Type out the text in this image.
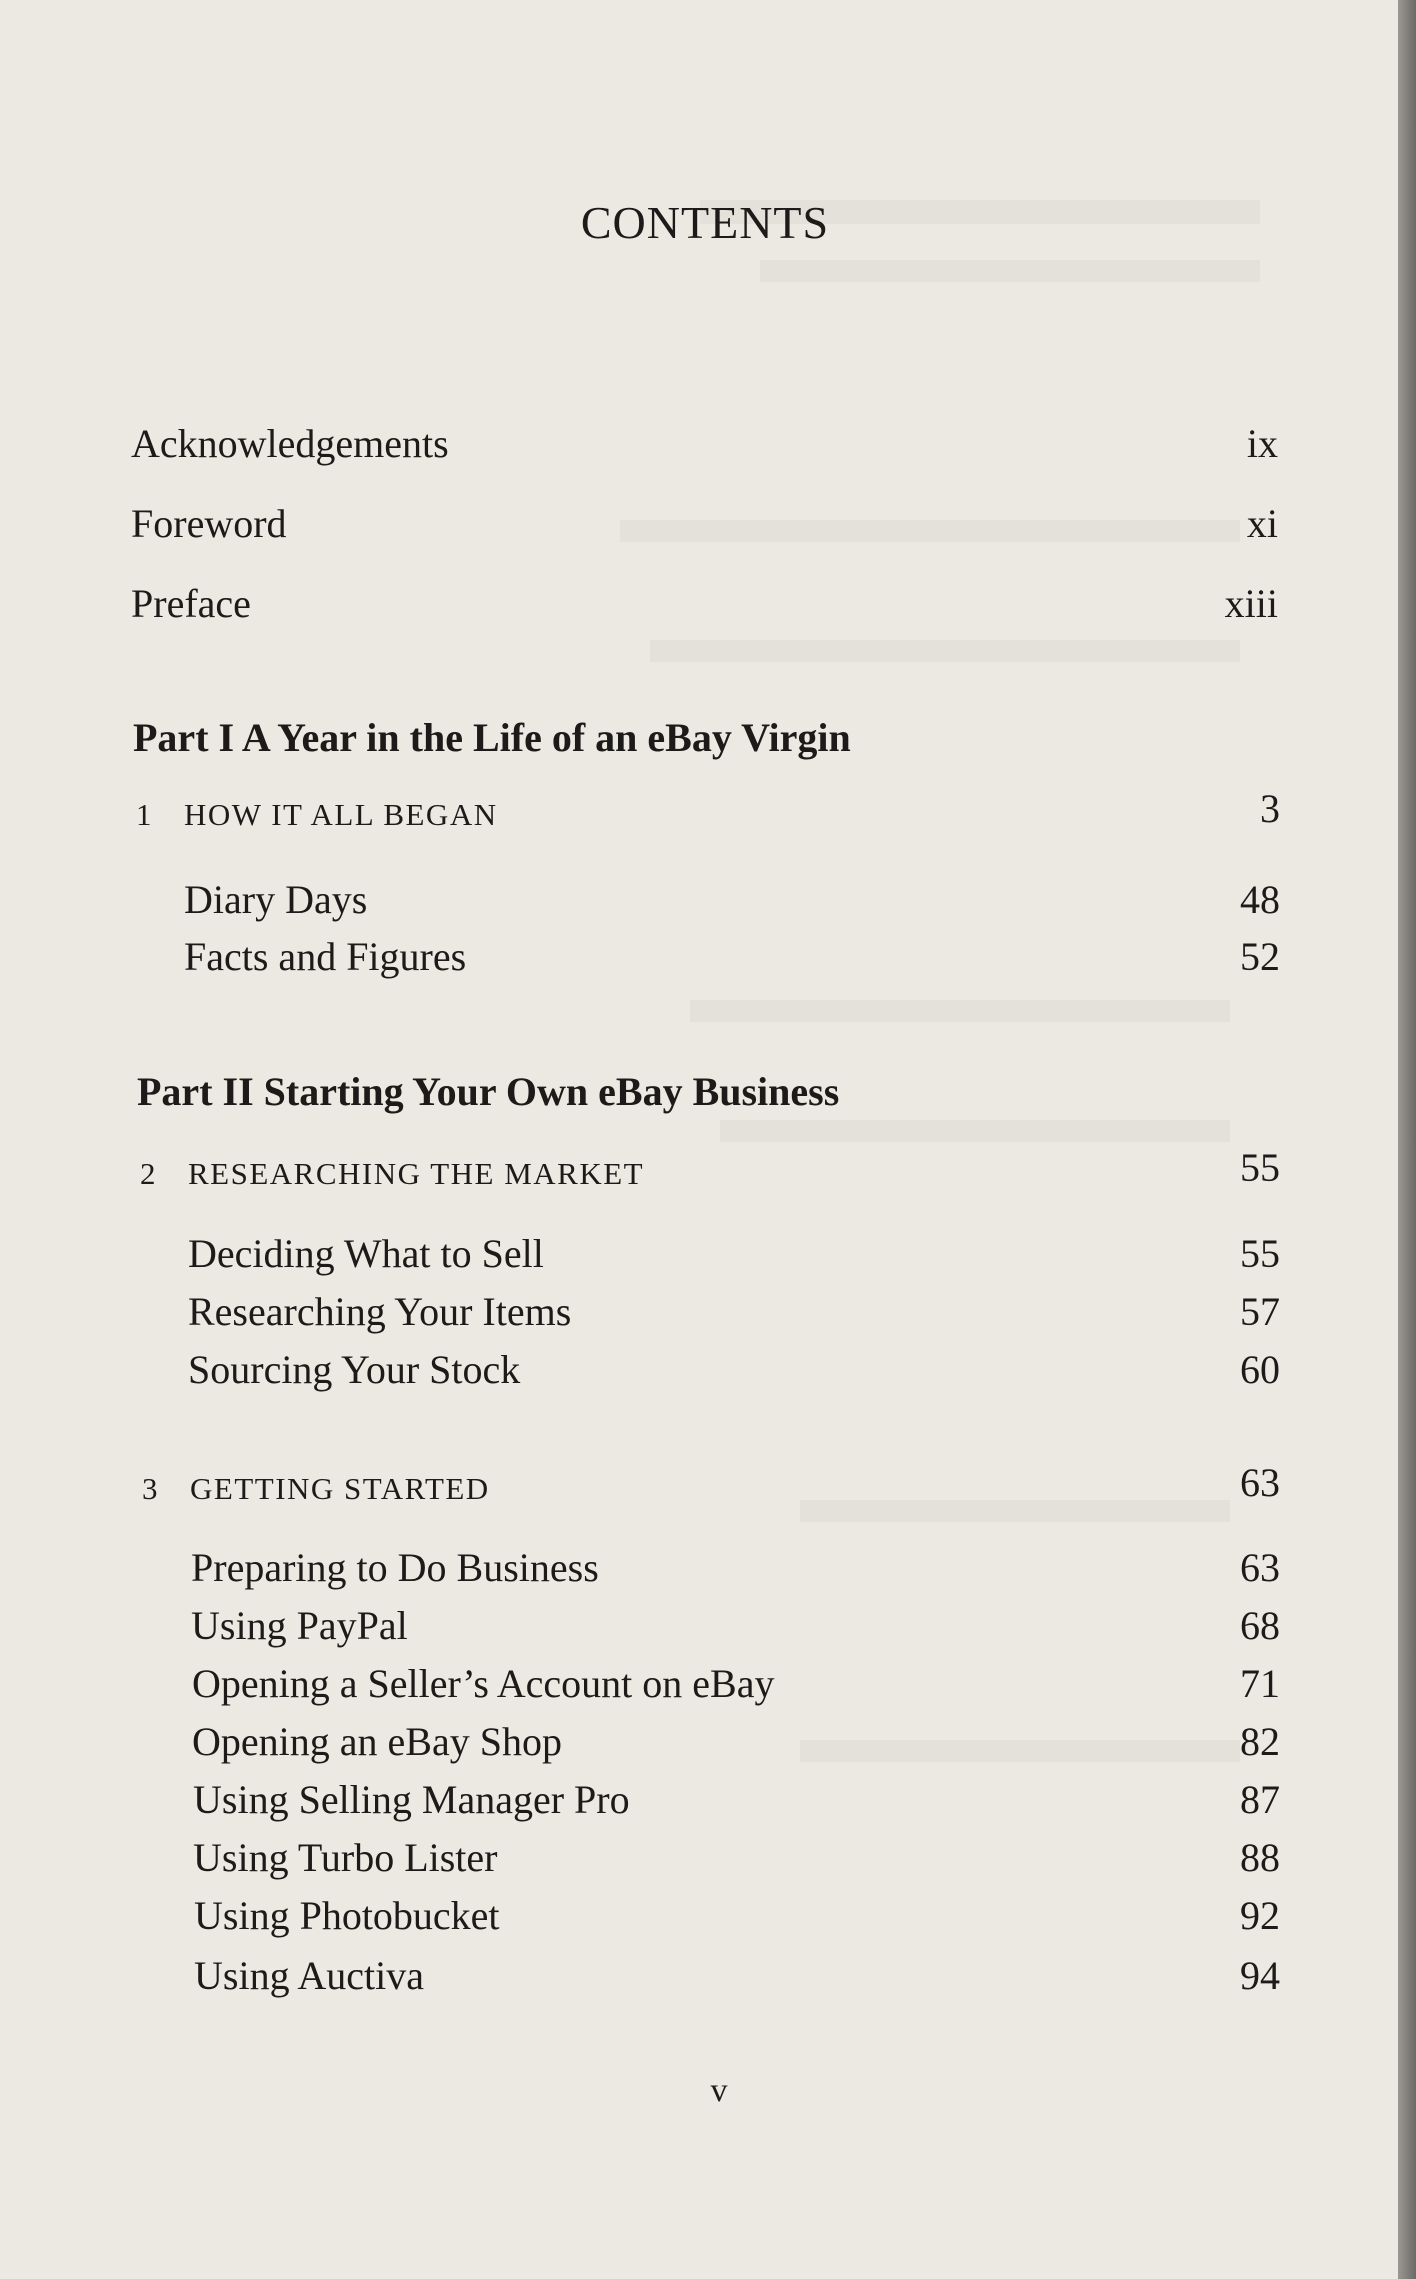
CONTENTS
Acknowledgements	ix
Foreword	xi
Preface	xiii
Part I A Year in the Life of an eBay Virgin
1 HOW IT ALL BEGAN	3
Diary Days	48
Facts and Figures	52
Part II Starting Your Own eBay Business
2 RESEARCHING THE MARKET	55
Deciding What to Sell	55
Researching Your Items	57
Sourcing Your Stock	60
3 GETTING STARTED	63
Preparing to Do Business	63
Using PayPal	68
Opening a Seller’s Account on eBay	71
Opening an eBay Shop	82
Using Selling Manager Pro	87
Using Turbo Lister	88
Using Photobucket	92
Using Auctiva	94
v
